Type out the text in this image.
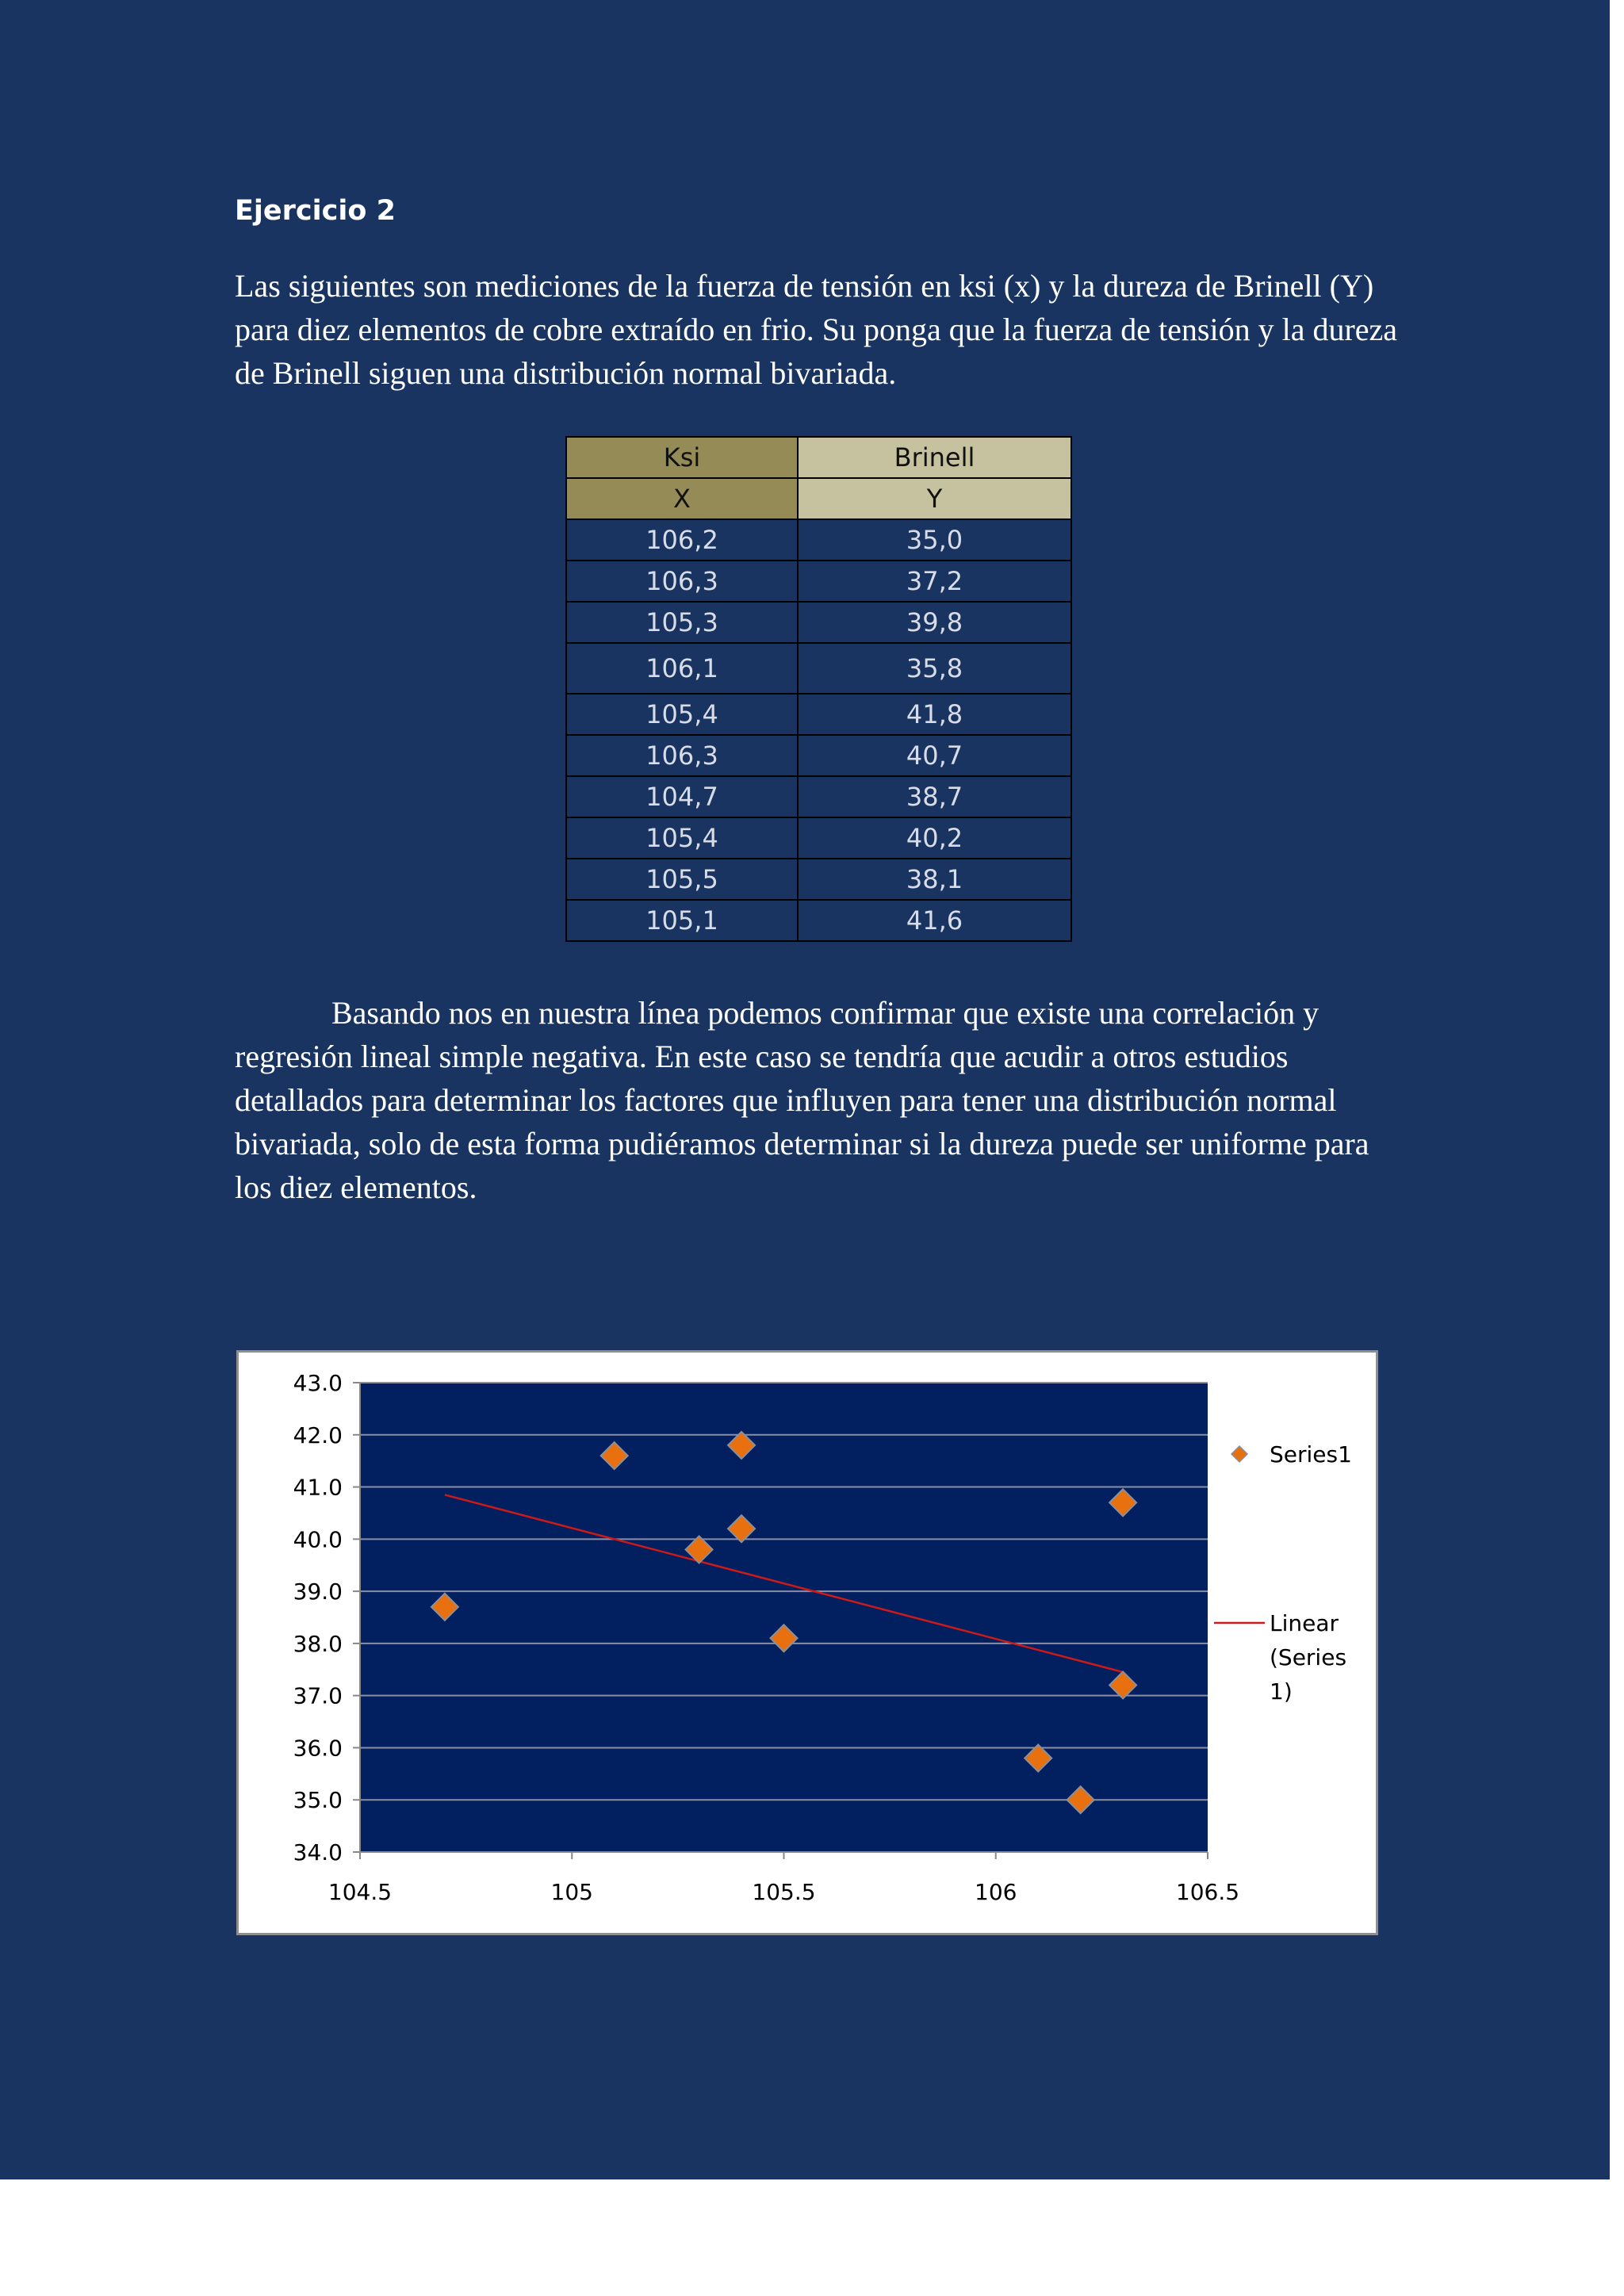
Ejercicio 2

Las siguientes son mediciones de la fuerza de tensión en ksi (x) y la dureza de Brinell (Y) para diez elementos de cobre extraído en frio. Su ponga que la fuerza de tensión y la dureza de Brinell siguen una distribución normal bivariada.

Ksi	Brinell
X	Y
106,2	35,0
106,3	37,2
105,3	39,8
106,1	35,8
105,4	41,8
106,3	40,7
104,7	38,7
105,4	40,2
105,5	38,1
105,1	41,6

Basando nos en nuestra línea podemos confirmar que existe una correlación y regresión lineal simple negativa. En este caso se tendría que acudir a otros estudios detallados para determinar los factores que influyen para tener una distribución normal bivariada, solo de esta forma pudiéramos determinar si la dureza puede ser uniforme para los diez elementos.

34.0
35.0
36.0
37.0
38.0
39.0
40.0
41.0
42.0
43.0
104.5	105	105.5	106	106.5
Series1
Linear
(Series
1)
